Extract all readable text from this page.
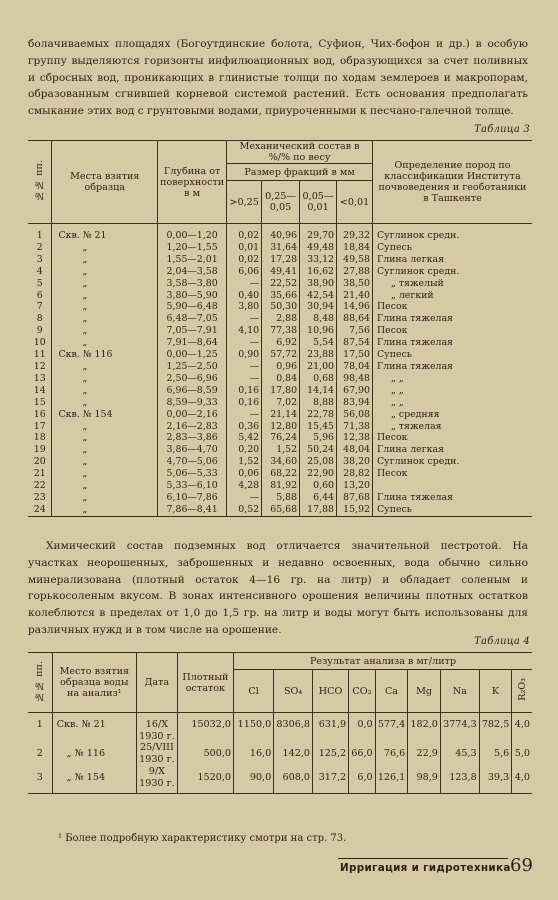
болачиваемых площадях (Богоутдинские болота, Суфион, Чих-бофон и др.) в особую группу выделяются горизонты инфилюационных вод, образующихся за счет поливных и сбросных вод, проникающих в глинистые толщи по ходам землероев и макропорам, образованным сгнившей корневой системой растений. Есть основания предполагать смыкание этих вод с грунтовыми водами, приуроченными к песчано-галечной толще.
Таблица 3
№№ пп.	Места взятия образца	Глубина от поверхности в м	Механический состав в %/% по весу				Определение пород по классификации Института почвоведения и геоботаники в Ташкенте
			Размер фракций в мм				
			>0,25	0,25—0,05	0,05—0,01	<0,01	
1	Скв. № 21	0,00—1,20	0,02	40,96	29,70	29,32	Суглинок средн.
2	„	1,20—1,55	0,01	31,64	49,48	18,84	Супесь
3	„	1,55—2,01	0,02	17,28	33,12	49,58	Глина легкая
4	„	2,04—3,58	6,06	49,41	16,62	27,88	Суглинок средн.
5	„	3,58—3,80	—	22,52	38,90	38,50	„ тяжелый
6	„	3,80—5,90	0,40	35,66	42,54	21,40	„ легкий
7	„	5,90—6,48	3,80	50,30	30,94	14,96	Песок
8	„	6,48—7,05	—	2,88	8,48	88,64	Глина тяжелая
9	„	7,05—7,91	4,10	77,38	10,96	7,56	Песок
10	„	7,91—8,64	—	6,92	5,54	87,54	Глина тяжелая
11	Скв. № 116	0,00—1,25	0,90	57,72	23,88	17,50	Супесь
12	„	1,25—2,50	—	0,96	21,00	78,04	Глина тяжелая
13	„	2,50—6,96	—	0,84	0,68	98,48	„ „
14	„	6,96—8,59	0,16	17,80	14,14	67,90	„ „
15	„	8,59—9,33	0,16	7,02	8,88	83,94	„ „
16	Скв. № 154	0,00—2,16	—	21,14	22,78	56,08	„ средняя
17	„	2,16—2,83	0,36	12,80	15,45	71,38	„ тяжелая
18	„	2,83—3,86	5,42	76,24	5,96	12,38	Песок
19	„	3,86—4,70	0,20	1,52	50,24	48,04	Глина легкая
20	„	4,70—5,06	1,52	34,60	25,08	38,20	Суглинок средн.
21	„	5,06—5,33	0,06	68,22	22,90	28,82	Песок
22	„	5,33—6,10	4,28	81,92	0,60	13,20	
23	„	6,10—7,86	—	5,88	6,44	87,68	Глина тяжелая
24	„	7,86—8,41	0,52	65,68	17,88	15,92	Супесь
Химический состав подземных вод отличается значительной пестротой. На участках неорошенных, заброшенных и недавно освоенных, вода обычно сильно минерализована (плотный остаток 4—16 гр. на литр) и обладает соленым и горькосоленым вкусом. В зонах интенсивного орошения величины плотных остатков колеблются в пределах от 1,0 до 1,5 гр. на литр и воды могут быть использованы для различных нужд и в том числе на орошение.
Таблица 4
№№ пп.	Место взятия образца воды на анализ¹	Дата	Плотный остаток	Результат анализа в мг/литр								
				Cl	SO₄	HCO	CO₃	Ca	Mg	Na	K	R₂O₃
1	Скв. № 21	16/X
1930 г.	15032,0	1150,0	8306,8	631,9	0,0	577,4	182,0	3774,3	782,5	4,0
2	„ № 116	25/VIII
1930 г.	500,0	16,0	142,0	125,2	66,0	76,6	22,9	45,3	5,6	5,0
3	„ № 154	9/X
1930 г.	1520,0	90,0	608,0	317,2	6,0	126,1	98,9	123,8	39,3	4,0
¹ Более подробную характеристику смотри на стр. 73.
Ирригация и гидротехника 69
